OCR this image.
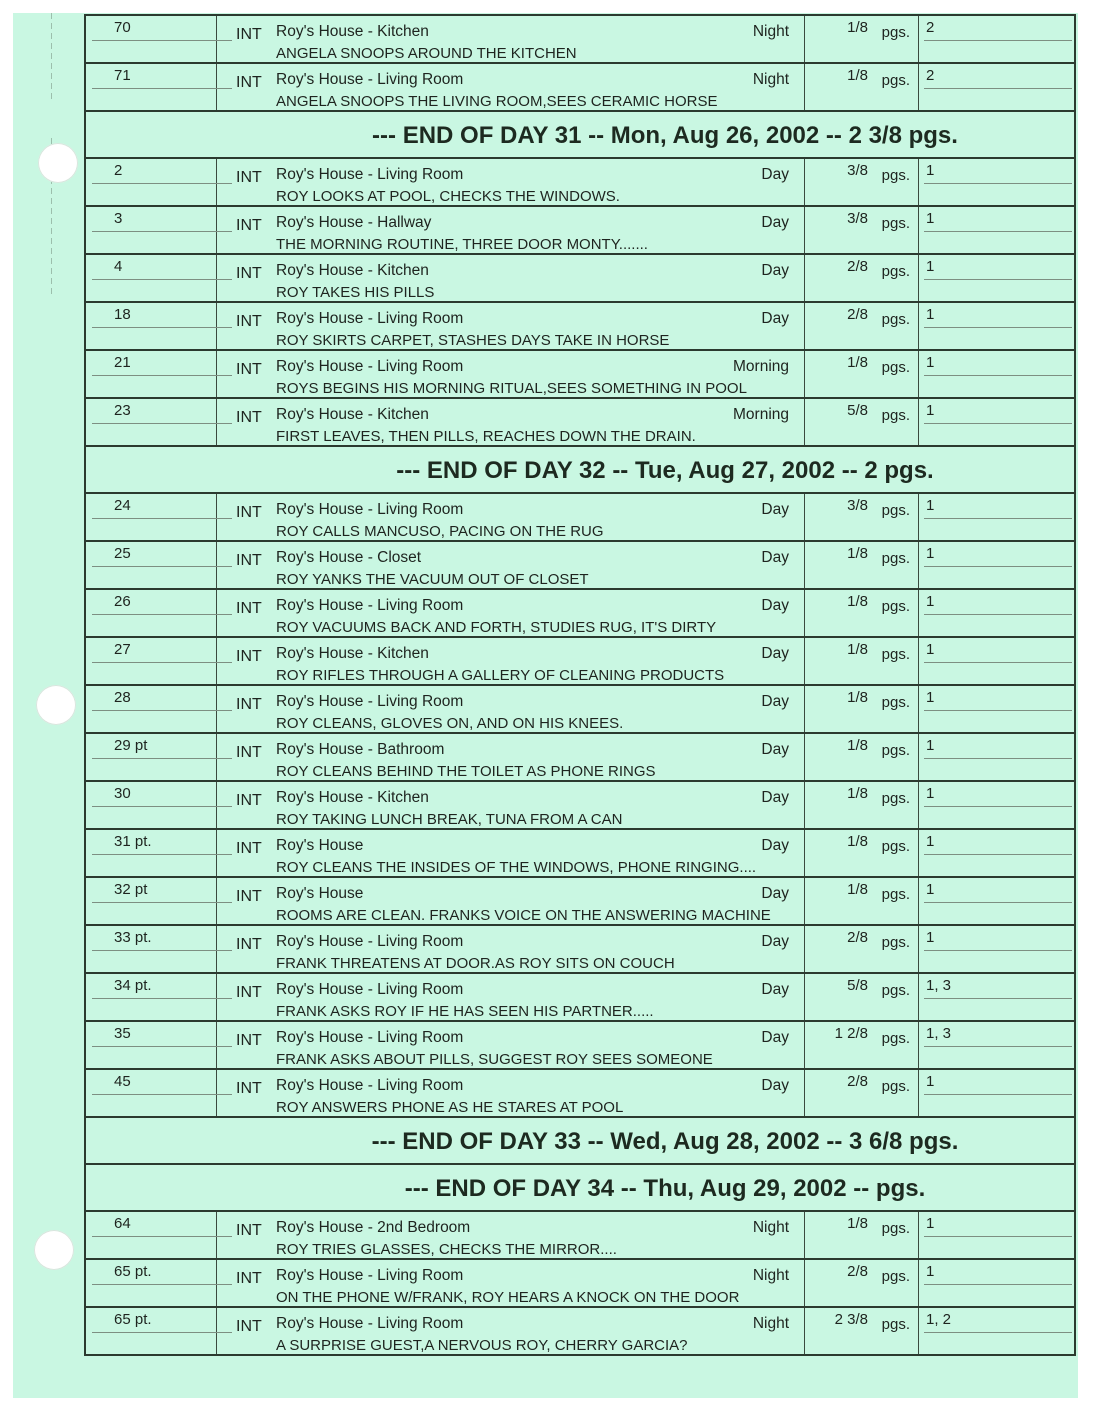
70	INT Roy's House - Kitchen
ANGELA SNOOPS AROUND THE KITCHEN
Night	1/8 pgs. 2
71	INT Roy's House - Living Room
ANGELA SNOOPS THE LIVING ROOM,SEES CERAMIC HORSE
Night	1/8 pgs. 2
--- END OF DAY 31 -- Mon, Aug 26, 2002 -- 2 3/8 pgs.
2	INT Roy's House - Living Room
ROY LOOKS AT POOL, CHECKS THE WINDOWS.
Day	3/8 pgs. 1
3	INT Roy's House - Hallway
THE MORNING ROUTINE, THREE DOOR MONTY.......
Day	3/8 pgs. 1
4	INT Roy's House - Kitchen
ROY TAKES HIS PILLS
Day	2/8 pgs. 1
18	INT Roy's House - Living Room
ROY SKIRTS CARPET, STASHES DAYS TAKE IN HORSE
Day	2/8 pgs. 1
21	INT Roy's House - Living Room
ROYS BEGINS HIS MORNING RITUAL,SEES SOMETHING IN POOL
Morning	1/8 pgs. 1
23	INT Roy's House - Kitchen
FIRST LEAVES, THEN PILLS, REACHES DOWN THE DRAIN.
Morning	5/8 pgs. 1
--- END OF DAY 32 -- Tue, Aug 27, 2002 -- 2 pgs.
24	INT Roy's House - Living Room
ROY CALLS MANCUSO, PACING ON THE RUG
Day	3/8 pgs. 1
25	INT Roy's House - Closet
ROY YANKS THE VACUUM OUT OF CLOSET
Day	1/8 pgs. 1
26	INT Roy's House - Living Room
ROY VACUUMS BACK AND FORTH, STUDIES RUG, IT'S DIRTY
Day	1/8 pgs. 1
27	INT Roy's House - Kitchen
ROY RIFLES THROUGH A GALLERY OF CLEANING PRODUCTS
Day	1/8 pgs. 1
28	INT Roy's House - Living Room
ROY CLEANS, GLOVES ON, AND ON HIS KNEES.
Day	1/8 pgs. 1
29 pt	INT Roy's House - Bathroom
ROY CLEANS BEHIND THE TOILET AS PHONE RINGS
Day	1/8 pgs. 1
30	INT Roy's House - Kitchen
ROY TAKING LUNCH BREAK, TUNA FROM A CAN
Day	1/8 pgs. 1
31 pt.	INT Roy's House
ROY CLEANS THE INSIDES OF THE WINDOWS, PHONE RINGING....
Day	1/8 pgs. 1
32 pt	INT Roy's House
ROOMS ARE CLEAN. FRANKS VOICE ON THE ANSWERING MACHINE
Day	1/8 pgs. 1
33 pt.	INT Roy's House - Living Room
FRANK THREATENS AT DOOR.AS ROY SITS ON COUCH
Day	2/8 pgs. 1
34 pt.	INT Roy's House - Living Room
FRANK ASKS ROY IF HE HAS SEEN HIS PARTNER.....
Day	5/8 pgs. 1, 3
35	INT Roy's House - Living Room
FRANK ASKS ABOUT PILLS, SUGGEST ROY SEES SOMEONE
Day	1 2/8 pgs. 1, 3
45	INT Roy's House - Living Room
ROY ANSWERS PHONE AS HE STARES AT POOL
Day	2/8 pgs. 1
--- END OF DAY 33 -- Wed, Aug 28, 2002 -- 3 6/8 pgs.
--- END OF DAY 34 -- Thu, Aug 29, 2002 -- pgs.
64	INT Roy's House - 2nd Bedroom
ROY TRIES GLASSES, CHECKS THE MIRROR....
Night	1/8 pgs. 1
65 pt.	INT Roy's House - Living Room
ON THE PHONE W/FRANK, ROY HEARS A KNOCK ON THE DOOR
Night	2/8 pgs. 1
65 pt.	INT Roy's House - Living Room
A SURPRISE GUEST,A NERVOUS ROY, CHERRY GARCIA?
Night	2 3/8 pgs. 1, 2
